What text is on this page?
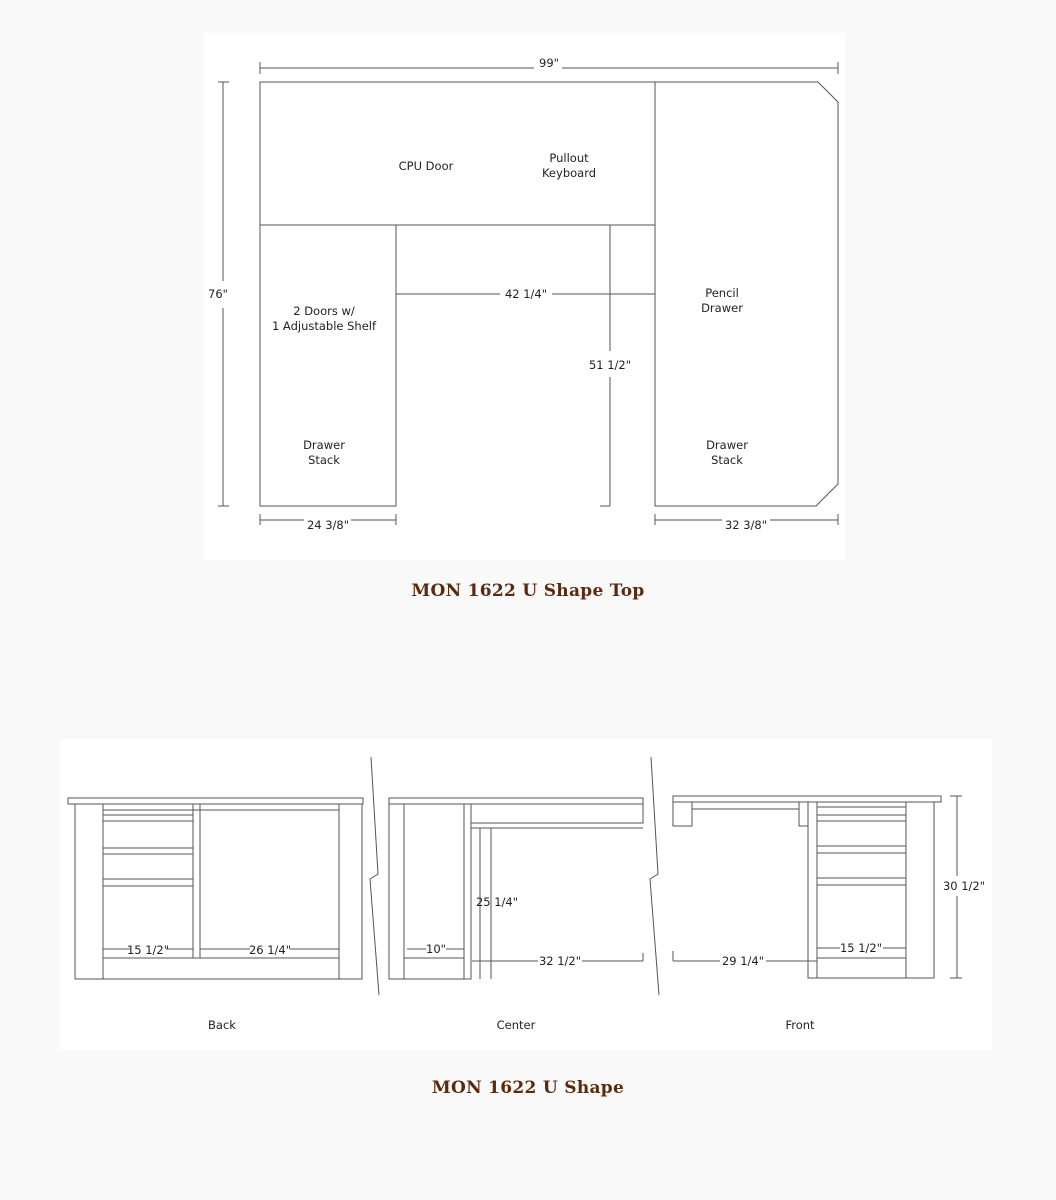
99"
76"
CPU Door
Pullout
Keyboard
2 Doors w/
1 Adjustable Shelf
Drawer
Stack
42 1/4"
51 1/2"
Pencil
Drawer
Drawer
Stack
24 3/8"	32 3/8"
MON 1622 U Shape Top
15 1/2"	26 1/4"
Back
25 1/4"
10"
32 1/2"
Center
29 1/4"
15 1/2"
30 1/2"
Front
MON 1622 U Shape
